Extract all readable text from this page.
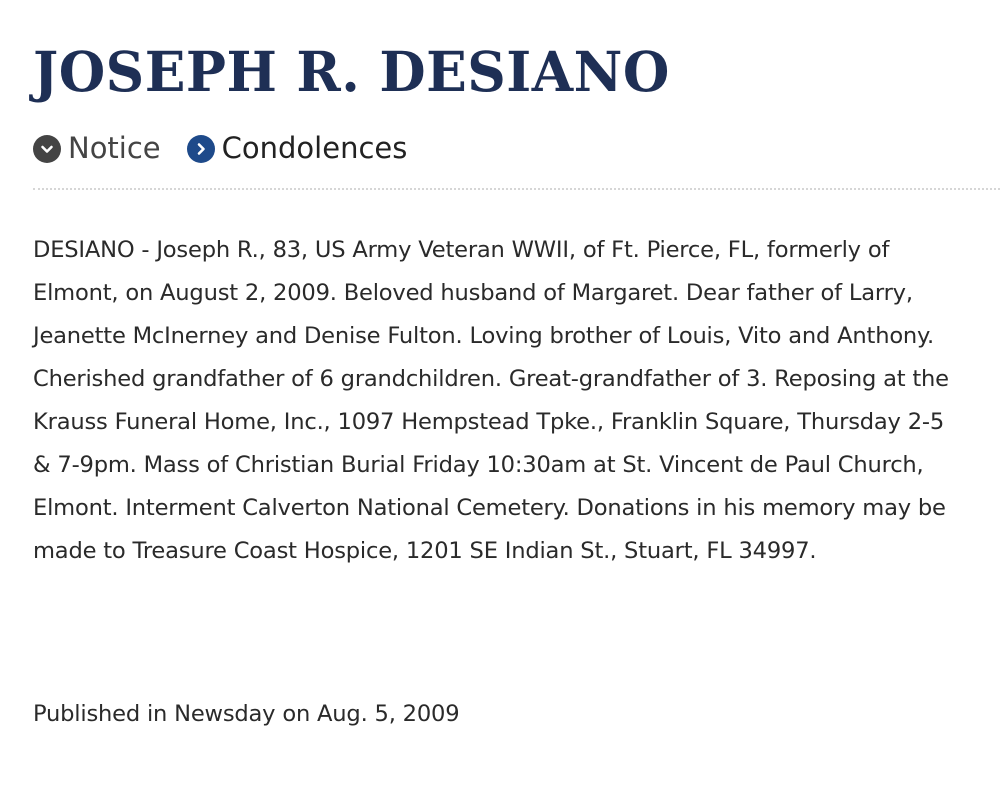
JOSEPH R. DESIANO
Notice Condolences

DESIANO - Joseph R., 83, US Army Veteran WWII, of Ft. Pierce, FL, formerly of Elmont, on August 2, 2009. Beloved husband of Margaret. Dear father of Larry, Jeanette McInerney and Denise Fulton. Loving brother of Louis, Vito and Anthony. Cherished grandfather of 6 grandchildren. Great-grandfather of 3. Reposing at the Krauss Funeral Home, Inc., 1097 Hempstead Tpke., Franklin Square, Thursday 2-5 & 7-9pm. Mass of Christian Burial Friday 10:30am at St. Vincent de Paul Church, Elmont. Interment Calverton National Cemetery. Donations in his memory may be made to Treasure Coast Hospice, 1201 SE Indian St., Stuart, FL 34997.

Published in Newsday on Aug. 5, 2009
